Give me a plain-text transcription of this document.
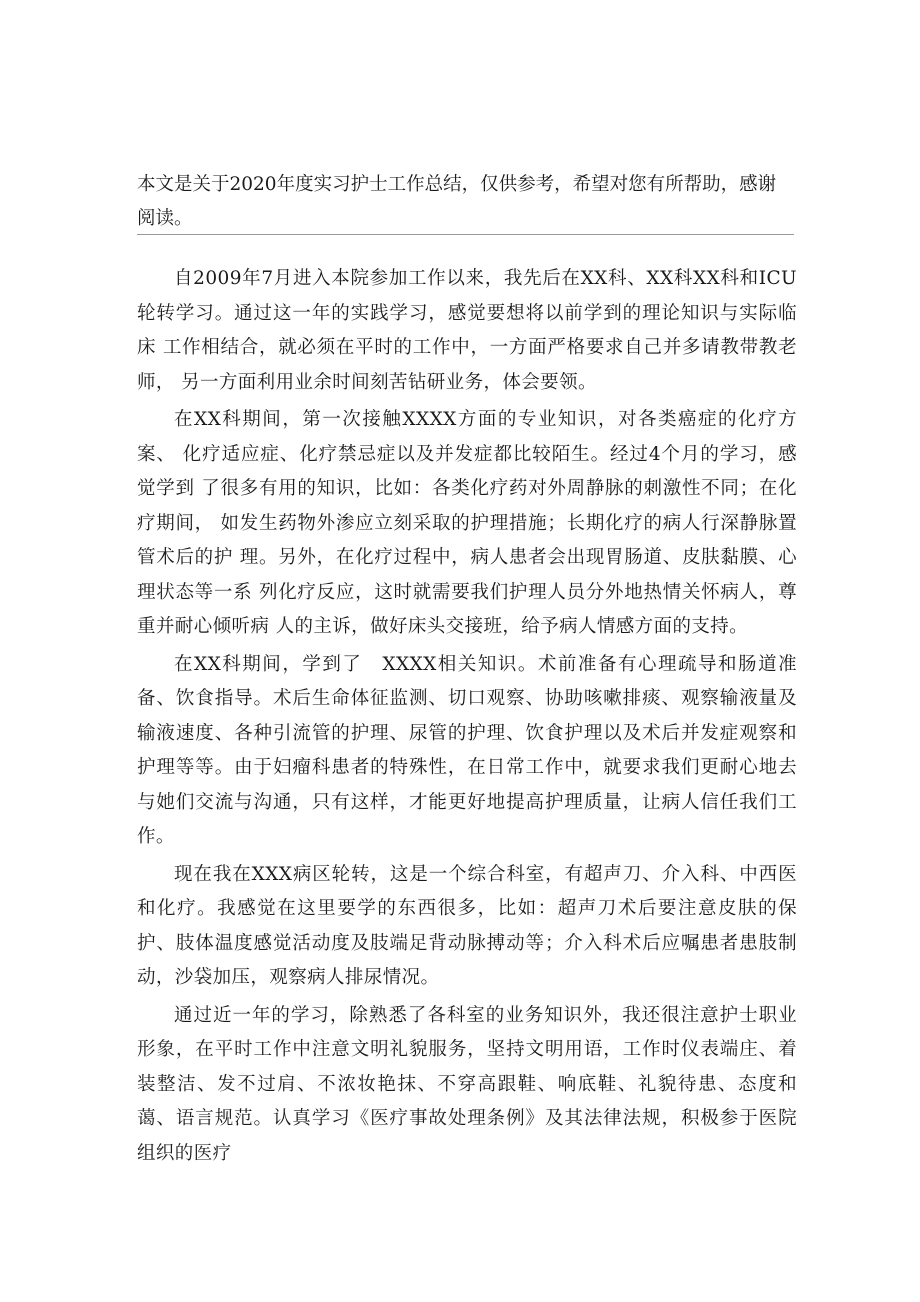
本文是关于2020年度实习护士工作总结，仅供参考，希望对您有所帮助，感谢 阅读。

自2009年7月进入本院参加工作以来，我先后在XX科、XX科XX科和ICU 轮转学习。通过这一年的实践学习，感觉要想将以前学到的理论知识与实际临床 工作相结合，就必须在平时的工作中，一方面严格要求自己并多请教带教老师， 另一方面利用业余时间刻苦钻研业务，体会要领。

在XX科期间，第一次接触XXXX方面的专业知识，对各类癌症的化疗方案、 化疗适应症、化疗禁忌症以及并发症都比较陌生。经过4个月的学习，感觉学到 了很多有用的知识，比如：各类化疗药对外周静脉的刺激性不同；在化疗期间， 如发生药物外渗应立刻采取的护理措施；长期化疗的病人行深静脉置管术后的护 理。另外，在化疗过程中，病人患者会出现胃肠道、皮肤黏膜、心理状态等一系 列化疗反应，这时就需要我们护理人员分外地热情关怀病人，尊重并耐心倾听病 人的主诉，做好床头交接班，给予病人情感方面的支持。

在XX科期间，学到了　XXXX相关知识。术前准备有心理疏导和肠道准备、饮食指导。术后生命体征监测、切口观察、协助咳嗽排痰、观察输液量及输液速度、各种引流管的护理、尿管的护理、饮食护理以及术后并发症观察和护理等等。由于妇瘤科患者的特殊性，在日常工作中，就要求我们更耐心地去与她们交流与沟通，只有这样，才能更好地提高护理质量，让病人信任我们工作。

现在我在XXX病区轮转，这是一个综合科室，有超声刀、介入科、中西医和化疗。我感觉在这里要学的东西很多，比如：超声刀术后要注意皮肤的保护、肢体温度感觉活动度及肢端足背动脉搏动等；介入科术后应嘱患者患肢制动，沙袋加压，观察病人排尿情况。

通过近一年的学习，除熟悉了各科室的业务知识外，我还很注意护士职业形象，在平时工作中注意文明礼貌服务，坚持文明用语，工作时仪表端庄、着装整洁、发不过肩、不浓妆艳抹、不穿高跟鞋、响底鞋、礼貌待患、态度和蔼、语言规范。认真学习《医疗事故处理条例》及其法律法规，积极参于医院组织的医疗
